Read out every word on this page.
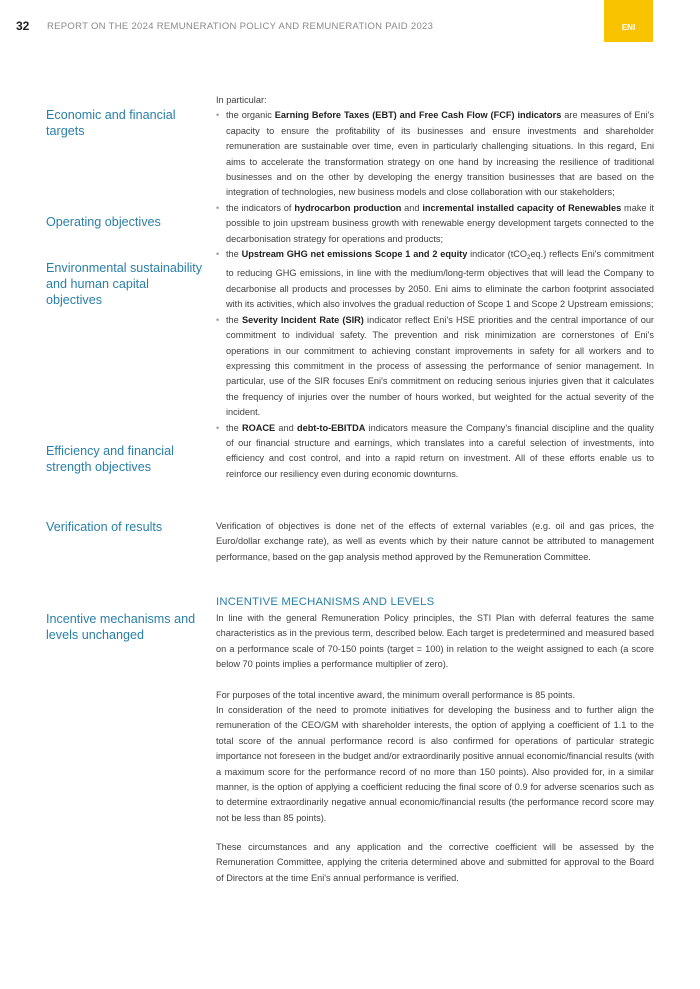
32 REPORT ON THE 2024 REMUNERATION POLICY AND REMUNERATION PAID 2023	ENI
Economic and financial targets
Operating objectives
Environmental sustainability and human capital objectives
Efficiency and financial strength objectives
Verification of results
Incentive mechanisms and levels unchanged
In particular:
• the organic Earning Before Taxes (EBT) and Free Cash Flow (FCF) indicators are measures of Eni's capacity to ensure the profitability of its businesses and ensure investments and shareholder remuneration are sustainable over time, even in particularly challenging situations. In this regard, Eni aims to accelerate the transformation strategy on one hand by increasing the resilience of traditional businesses and on the other by developing the energy transition businesses that are based on the integration of technologies, new business models and close collaboration with our stakeholders;
• the indicators of hydrocarbon production and incremental installed capacity of Renewables make it possible to join upstream business growth with renewable energy development targets connected to the decarbonisation strategy for operations and products;
• the Upstream GHG net emissions Scope 1 and 2 equity indicator (tCO$_2$eq.) reflects Eni's commitment to reducing GHG emissions, in line with the medium/long-term objectives that will lead the Company to decarbonise all products and processes by 2050. Eni aims to eliminate the carbon footprint associated with its activities, which also involves the gradual reduction of Scope 1 and Scope 2 Upstream emissions;
• the Severity Incident Rate (SIR) indicator reflect Eni's HSE priorities and the central importance of our commitment to individual safety. The prevention and risk minimization are cornerstones of Eni's operations in our commitment to achieving constant improvements in safety for all workers and to expressing this commitment in the process of assessing the performance of senior management. In particular, use of the SIR focuses Eni's commitment on reducing serious injuries given that it calculates the frequency of injuries over the number of hours worked, but weighted for the actual severity of the incident.
• the ROACE and debt-to-EBITDA indicators measure the Company's financial discipline and the quality of our financial structure and earnings, which translates into a careful selection of investments, into efficiency and cost control, and into a rapid return on investment. All of these efforts enable us to reinforce our resiliency even during economic downturns.
Verification of objectives is done net of the effects of external variables (e.g. oil and gas prices, the Euro/dollar exchange rate), as well as events which by their nature cannot be attributed to management performance, based on the gap analysis method approved by the Remuneration Committee.
INCENTIVE MECHANISMS AND LEVELS
In line with the general Remuneration Policy principles, the STI Plan with deferral features the same characteristics as in the previous term, described below. Each target is predetermined and measured based on a performance scale of 70-150 points (target = 100) in relation to the weight assigned to each (a score below 70 points implies a performance multiplier of zero).
For purposes of the total incentive award, the minimum overall performance is 85 points.
In consideration of the need to promote initiatives for developing the business and to further align the remuneration of the CEO/GM with shareholder interests, the option of applying a coefficient of 1.1 to the total score of the annual performance record is also confirmed for operations of particular strategic importance not foreseen in the budget and/or extraordinarily positive annual economic/financial results (with a maximum score for the performance record of no more than 150 points). Also provided for, in a similar manner, is the option of applying a coefficient reducing the final score of 0.9 for adverse scenarios such as to determine extraordinarily negative annual economic/financial results (the performance record score may not be less than 85 points).
These circumstances and any application and the corrective coefficient will be assessed by the Remuneration Committee, applying the criteria determined above and submitted for approval to the Board of Directors at the time Eni's annual performance is verified.
